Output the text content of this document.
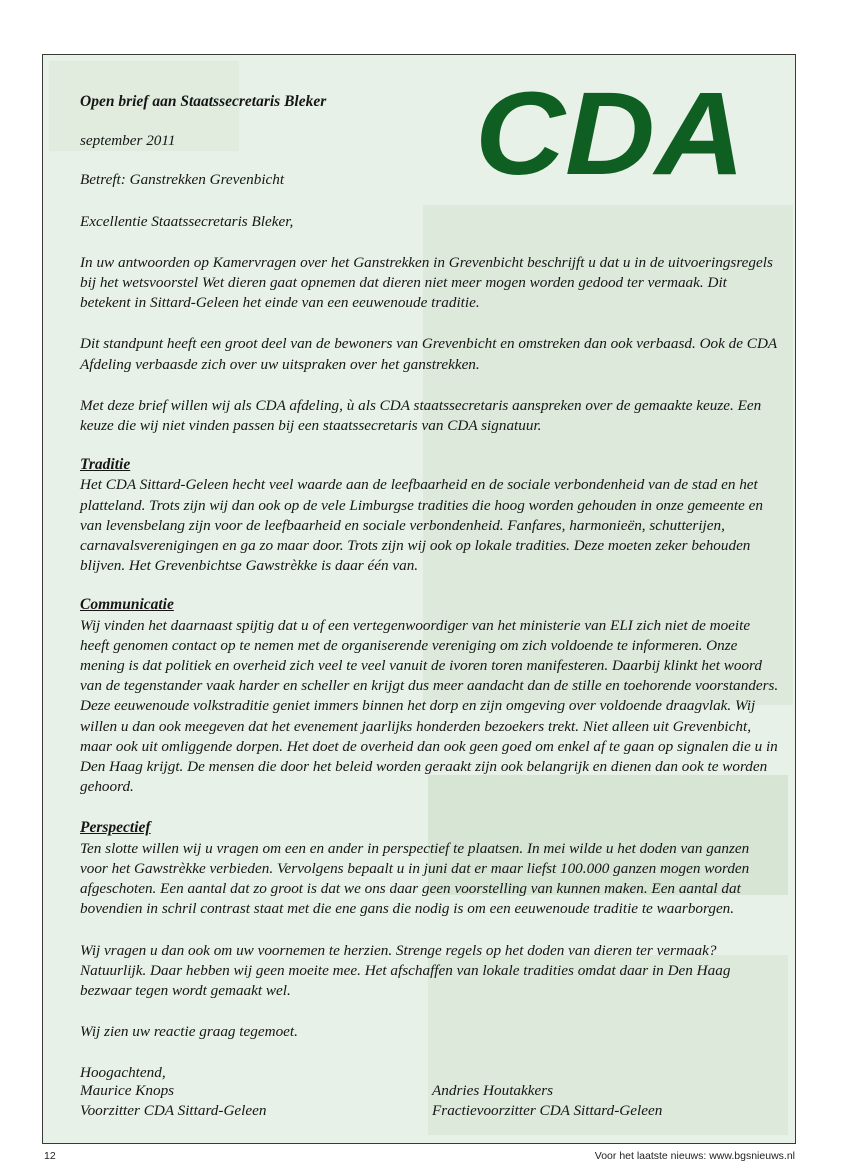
CDA

Open brief aan Staatssecretaris Bleker

september 2011

Betreft: Ganstrekken Grevenbicht

Excellentie Staatssecretaris Bleker,

In uw antwoorden op Kamervragen over het Ganstrekken in Grevenbicht beschrijft u dat u in de uitvoeringsregels bij het wetsvoorstel Wet dieren gaat opnemen dat dieren niet meer mogen worden gedood ter vermaak. Dit betekent in Sittard-Geleen het einde van een eeuwenoude traditie.

Dit standpunt heeft een groot deel van de bewoners van Grevenbicht en omstreken dan ook verbaasd. Ook de CDA Afdeling verbaasde zich over uw uitspraken over het ganstrekken.

Met deze brief willen wij als CDA afdeling, ù als CDA staatssecretaris aanspreken over de gemaakte keuze. Een keuze die wij niet vinden passen bij een staatssecretaris van CDA signatuur.

Traditie

Het CDA Sittard-Geleen hecht veel waarde aan de leefbaarheid en de sociale verbondenheid van de stad en het platteland. Trots zijn wij dan ook op de vele Limburgse tradities die hoog worden gehouden in onze gemeente en van levensbelang zijn voor de leefbaarheid en sociale verbondenheid. Fanfares, harmonieën, schutterijen, carnavalsverenigingen en ga zo maar door. Trots zijn wij ook op lokale tradities. Deze moeten zeker behouden blijven. Het Grevenbichtse Gawstrèkke is daar één van.

Communicatie

Wij vinden het daarnaast spijtig dat u of een vertegenwoordiger van het ministerie van ELI zich niet de moeite heeft genomen contact op te nemen met de organiserende vereniging om zich voldoende te informeren. Onze mening is dat politiek en overheid zich veel te veel vanuit de ivoren toren manifesteren. Daarbij klinkt het woord van de tegenstander vaak harder en scheller en krijgt dus meer aandacht dan de stille en toehorende voorstanders. Deze eeuwenoude volkstraditie geniet immers binnen het dorp en zijn omgeving over voldoende draagvlak. Wij willen u dan ook meegeven dat het evenement jaarlijks honderden bezoekers trekt. Niet alleen uit Grevenbicht, maar ook uit omliggende dorpen. Het doet de overheid dan ook geen goed om enkel af te gaan op signalen die u in Den Haag krijgt. De mensen die door het beleid worden geraakt zijn ook belangrijk en dienen dan ook te worden gehoord.

Perspectief

Ten slotte willen wij u vragen om een en ander in perspectief te plaatsen. In mei wilde u het doden van ganzen voor het Gawstrèkke verbieden. Vervolgens bepaalt u in juni dat er maar liefst 100.000 ganzen mogen worden afgeschoten. Een aantal dat zo groot is dat we ons daar geen voorstelling van kunnen maken. Een aantal dat bovendien in schril contrast staat met die ene gans die nodig is om een eeuwenoude traditie te waarborgen.

Wij vragen u dan ook om uw voornemen te herzien. Strenge regels op het doden van dieren ter vermaak? Natuurlijk. Daar hebben wij geen moeite mee. Het afschaffen van lokale tradities omdat daar in Den Haag bezwaar tegen wordt gemaakt wel.

Wij zien uw reactie graag tegemoet.

Hoogachtend,

Maurice Knops

Voorzitter CDA Sittard-Geleen

Andries Houtakkers

Fractievoorzitter CDA Sittard-Geleen

12	Voor het laatste nieuws: www.bgsnieuws.nl
